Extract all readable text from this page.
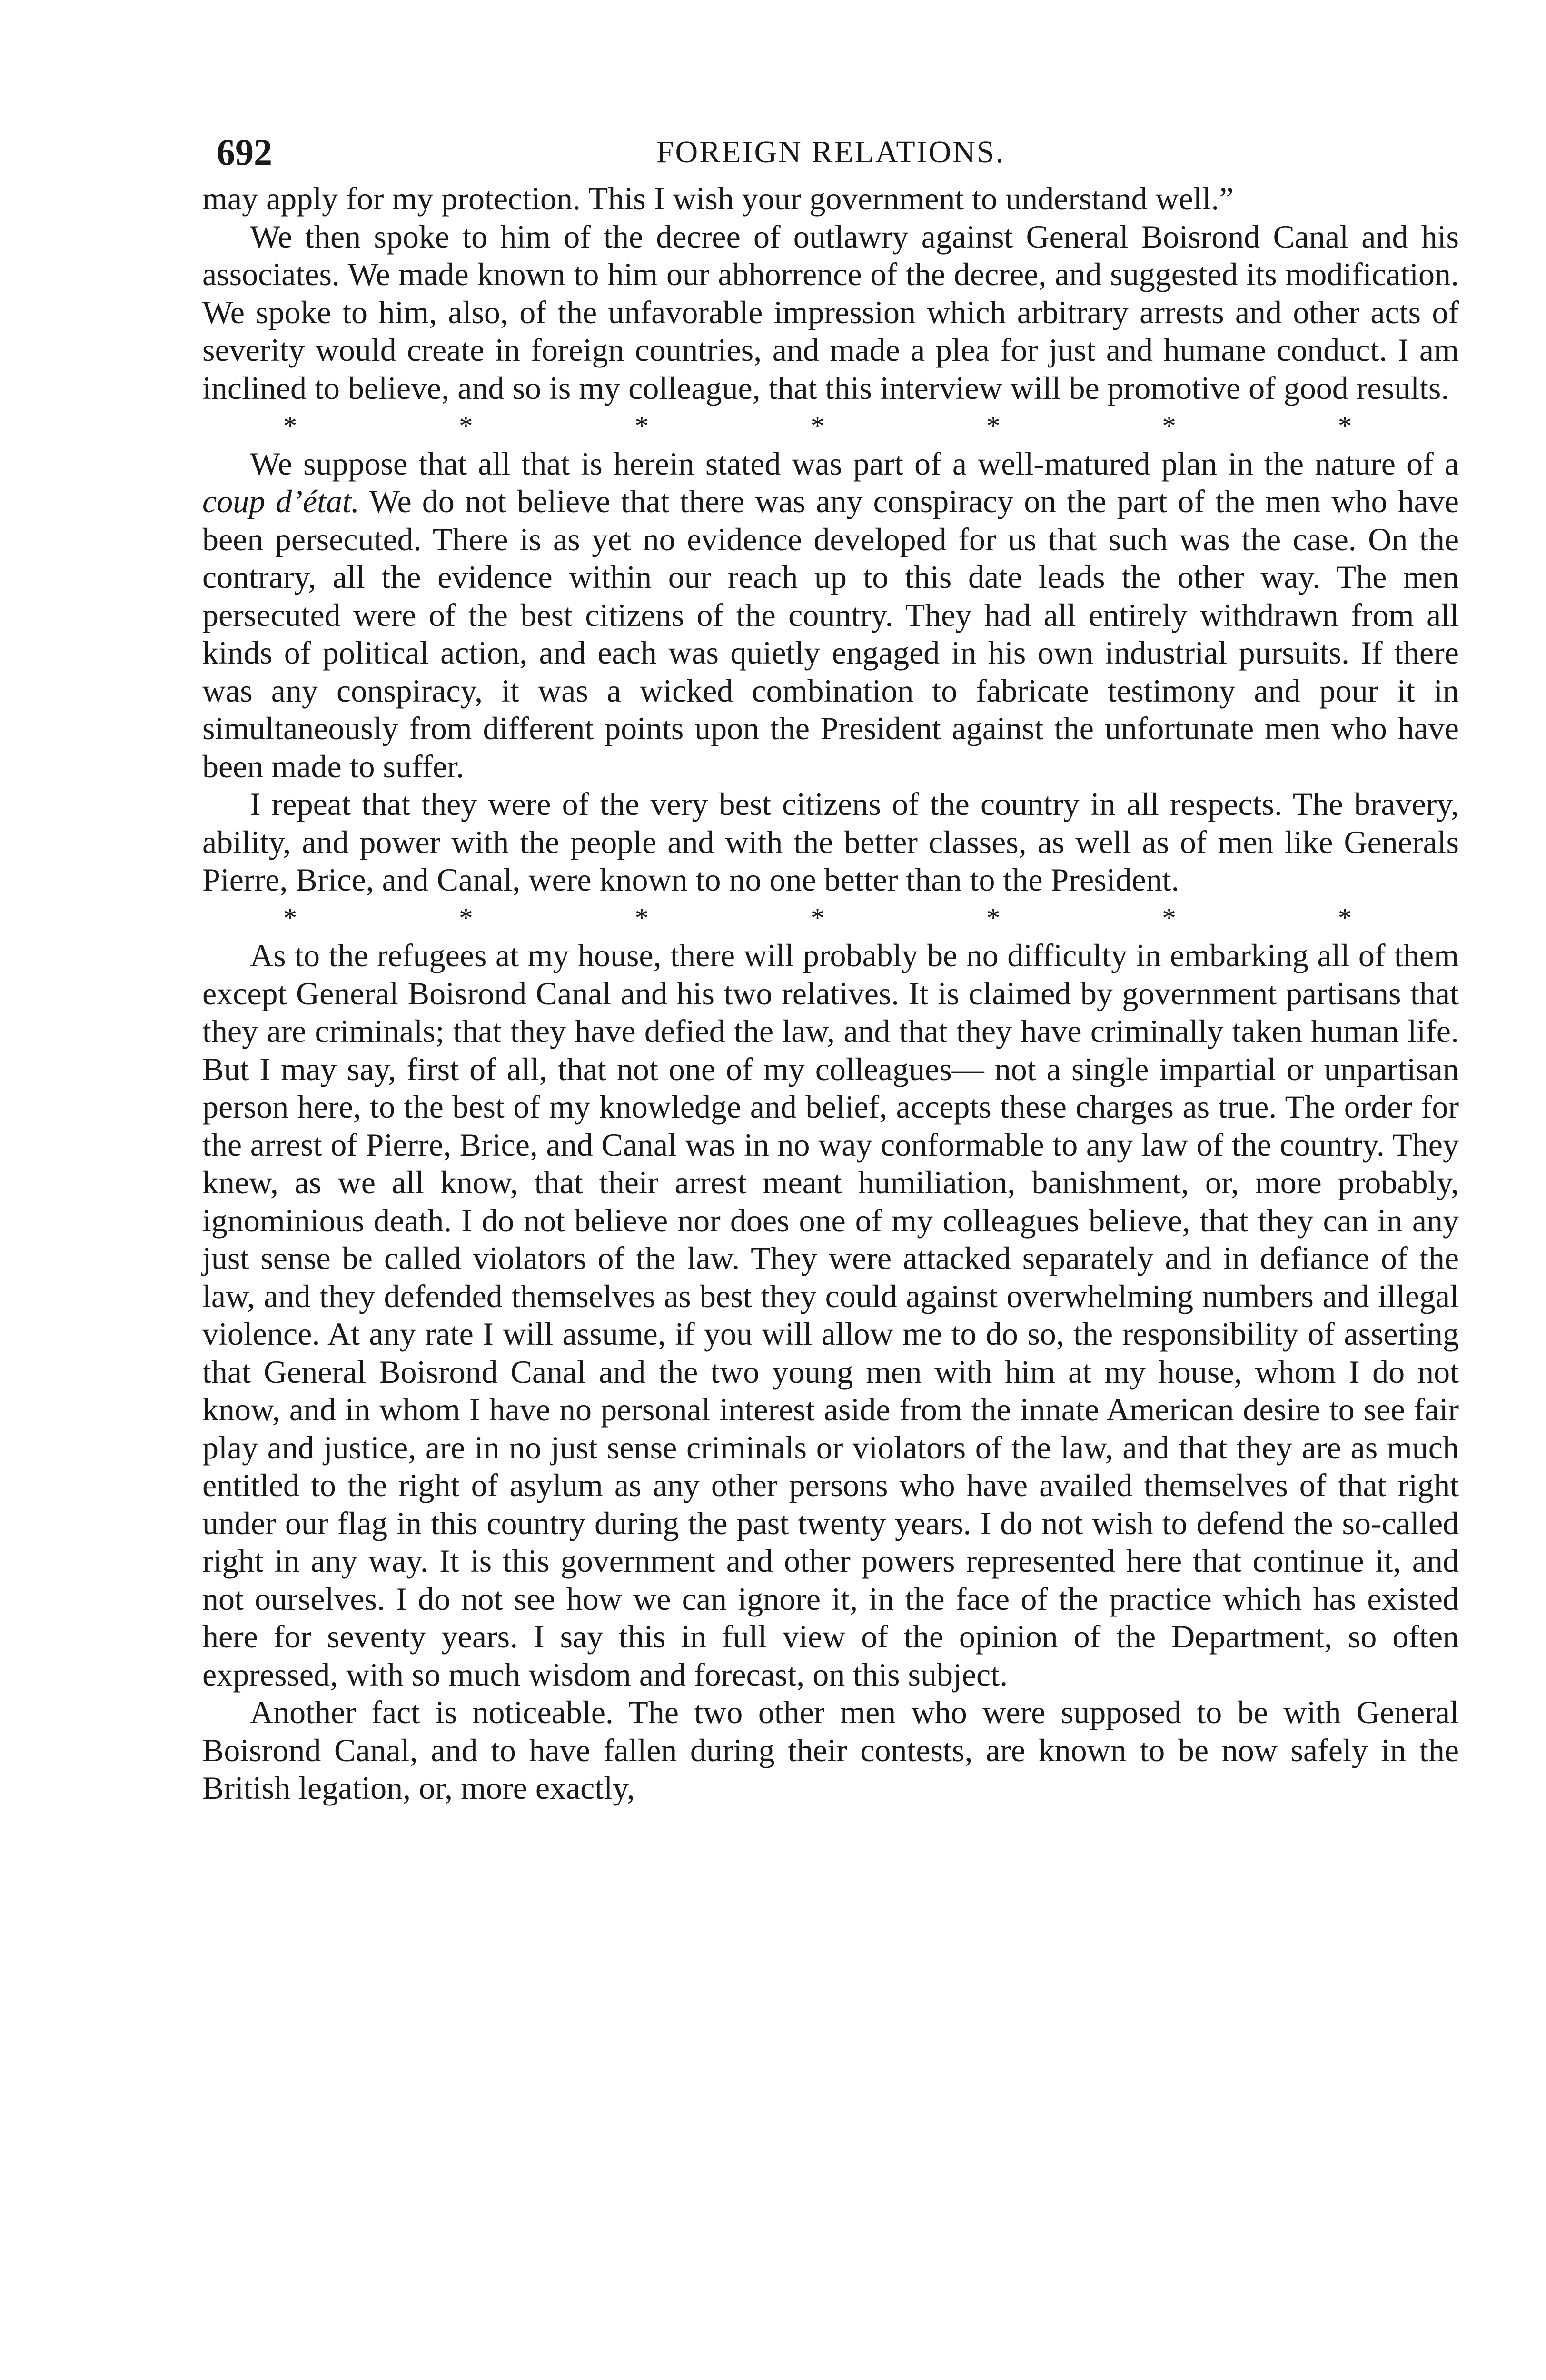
692	FOREIGN RELATIONS.

may apply for my protection. This I wish your government to understand well.”

We then spoke to him of the decree of outlawry against General Boisrond Canal and his associates. We made known to him our abhorrence of the decree, and suggested its modification. We spoke to him, also, of the unfavorable impression which arbitrary arrests and other acts of severity would create in foreign countries, and made a plea for just and humane conduct. I am inclined to believe, and so is my colleague, that this interview will be promotive of good results.

*	*	*	*	*	*	*

We suppose that all that is herein stated was part of a well-matured plan in the nature of a coup d’état. We do not believe that there was any conspiracy on the part of the men who have been persecuted. There is as yet no evidence developed for us that such was the case. On the contrary, all the evidence within our reach up to this date leads the other way. The men persecuted were of the best citizens of the country. They had all entirely withdrawn from all kinds of political action, and each was quietly engaged in his own industrial pursuits. If there was any conspiracy, it was a wicked combination to fabricate testimony and pour it in simultaneously from different points upon the President against the unfortunate men who have been made to suffer.

I repeat that they were of the very best citizens of the country in all respects. The bravery, ability, and power with the people and with the better classes, as well as of men like Generals Pierre, Brice, and Canal, were known to no one better than to the President.

*	*	*	*	*	*	*

As to the refugees at my house, there will probably be no difficulty in embarking all of them except General Boisrond Canal and his two relatives. It is claimed by government partisans that they are criminals; that they have defied the law, and that they have criminally taken human life. But I may say, first of all, that not one of my colleagues— not a single impartial or unpartisan person here, to the best of my knowledge and belief, accepts these charges as true. The order for the arrest of Pierre, Brice, and Canal was in no way conformable to any law of the country. They knew, as we all know, that their arrest meant humiliation, banishment, or, more probably, ignominious death. I do not believe nor does one of my colleagues believe, that they can in any just sense be called violators of the law. They were attacked separately and in defiance of the law, and they defended themselves as best they could against overwhelming numbers and illegal violence. At any rate I will assume, if you will allow me to do so, the responsibility of asserting that General Boisrond Canal and the two young men with him at my house, whom I do not know, and in whom I have no personal interest aside from the innate American desire to see fair play and justice, are in no just sense criminals or violators of the law, and that they are as much entitled to the right of asylum as any other persons who have availed themselves of that right under our flag in this country during the past twenty years. I do not wish to defend the so-called right in any way. It is this government and other powers represented here that continue it, and not ourselves. I do not see how we can ignore it, in the face of the practice which has existed here for seventy years. I say this in full view of the opinion of the Department, so often expressed, with so much wisdom and forecast, on this subject.

Another fact is noticeable. The two other men who were supposed to be with General Boisrond Canal, and to have fallen during their contests, are known to be now safely in the British legation, or, more exactly,
